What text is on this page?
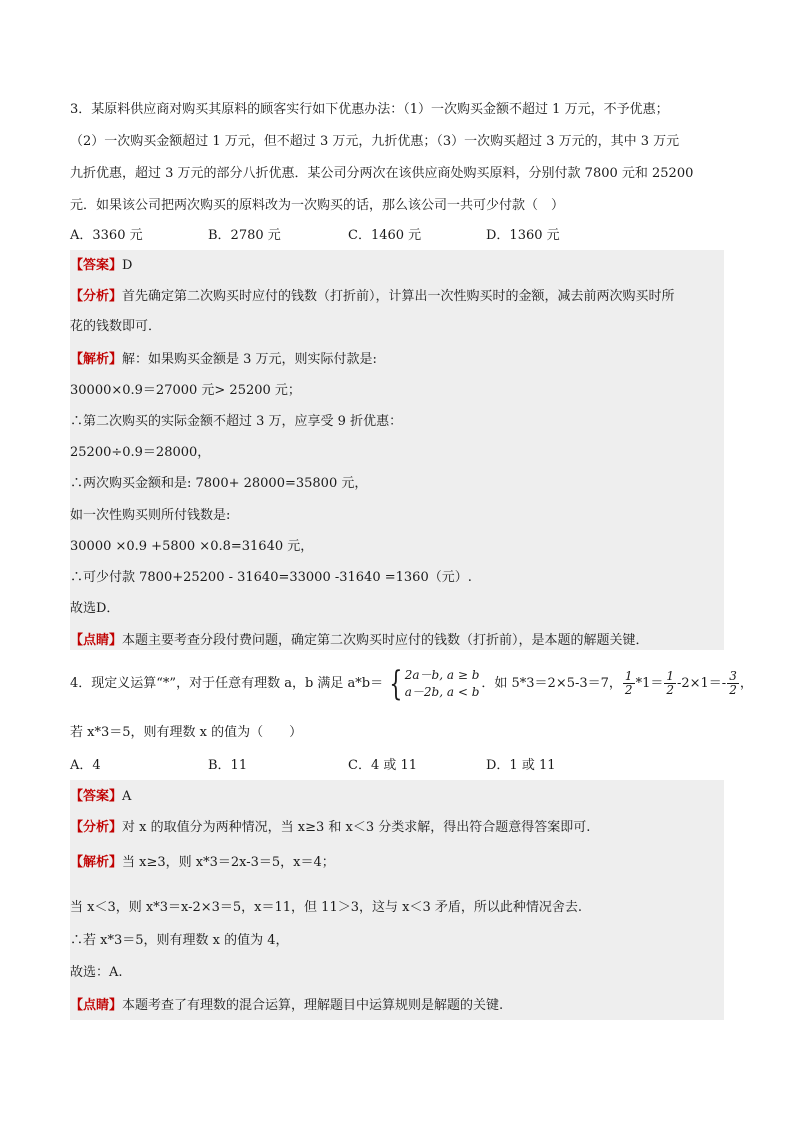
3．某原料供应商对购买其原料的顾客实行如下优惠办法：（1）一次购买金额不超过 1 万元，不予优惠；
（2）一次购买金额超过 1 万元，但不超过 3 万元，九折优惠；（3）一次购买超过 3 万元的，其中 3 万元
九折优惠，超过 3 万元的部分八折优惠．某公司分两次在该供应商处购买原料，分别付款 7800 元和 25200
元．如果该公司把两次购买的原料改为一次购买的话，那么该公司一共可少付款（　）
A．3360 元	B．2780 元	C．1460 元	D．1360 元
【答案】D
【分析】首先确定第二次购买时应付的钱数（打折前），计算出一次性购买时的金额，减去前两次购买时所
花的钱数即可．
【解析】解：如果购买金额是 3 万元，则实际付款是:
30000×0.9＝27000 元> 25200 元；
∴第二次购买的实际金额不超过 3 万，应享受 9 折优惠：
25200÷0.9＝28000，
∴两次购买金额和是: 7800+ 28000=35800 元，
如一次性购买则所付钱数是:
30000 ×0.9 +5800 ×0.8=31640 元，
∴可少付款 7800+25200 - 31640=33000 -31640 =1360（元）.
故选D．
【点睛】本题主要考查分段付费问题，确定第二次购买时应付的钱数（打折前），是本题的解题关键．
4．现定义运算“*”，对于任意有理数 a，b 满足 a*b＝ { 2a－b, a ≥ b
a－2b, a < b
．如 5*3＝2×5-3＝7， $\frac{1}{2} *1= \frac{1}{2} -2\times 1=- \frac{3}{2}$ ，
若 x*3＝5，则有理数 x 的值为（　　）
A．4	B．11	C．4 或 11	D．1 或 11
【答案】A
【分析】对 x 的取值分为两种情况，当 x≥3 和 x＜3 分类求解，得出符合题意得答案即可.
【解析】当 x≥3，则 x*3＝2x-3＝5，x＝4；
当 x＜3，则 x*3＝x-2×3＝5，x＝11，但 11＞3，这与 x＜3 矛盾，所以此种情况舍去.
∴若 x*3＝5，则有理数 x 的值为 4，
故选：A.
【点睛】本题考查了有理数的混合运算，理解题目中运算规则是解题的关键.
